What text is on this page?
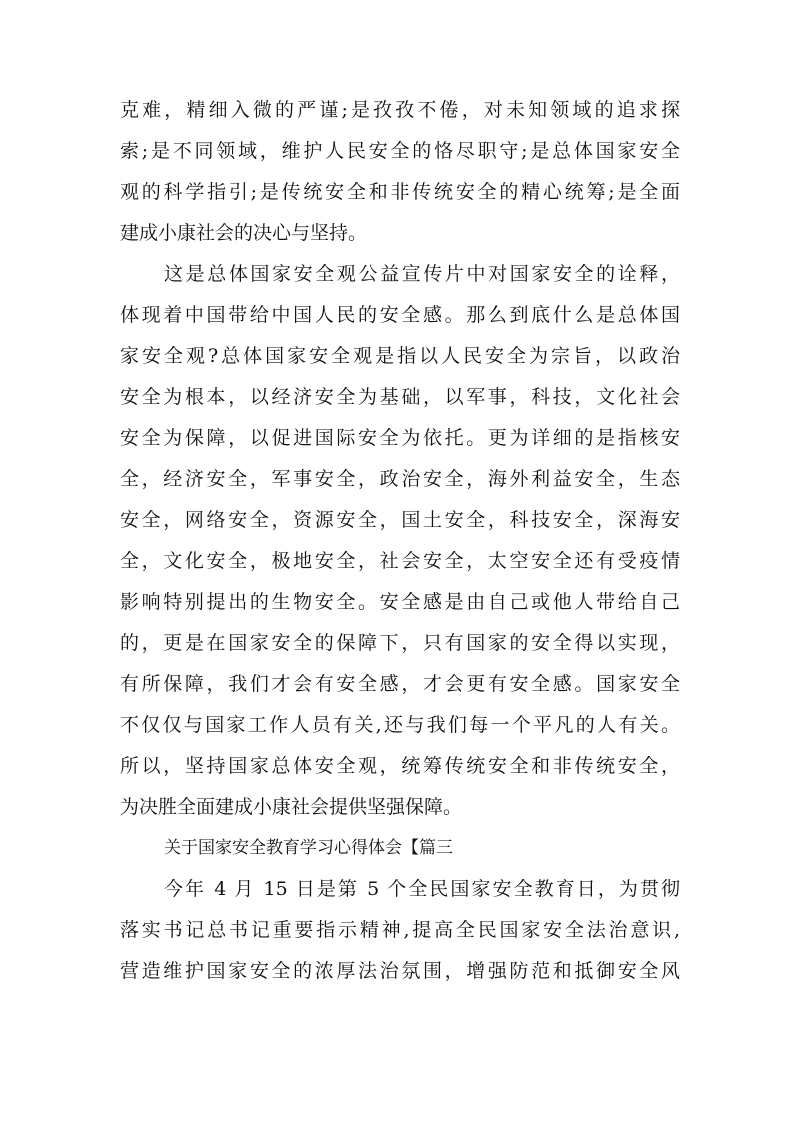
克难，精细入微的严谨;是孜孜不倦，对未知领域的追求探
索;是不同领域，维护人民安全的恪尽职守;是总体国家安全
观的科学指引;是传统安全和非传统安全的精心统筹;是全面
建成小康社会的决心与坚持。
这是总体国家安全观公益宣传片中对国家安全的诠释，
体现着中国带给中国人民的安全感。那么到底什么是总体国
家安全观?总体国家安全观是指以人民安全为宗旨，以政治
安全为根本，以经济安全为基础，以军事，科技，文化社会
安全为保障，以促进国际安全为依托。更为详细的是指核安
全，经济安全，军事安全，政治安全，海外利益安全，生态
安全，网络安全，资源安全，国土安全，科技安全，深海安
全，文化安全，极地安全，社会安全，太空安全还有受疫情
影响特别提出的生物安全。安全感是由自己或他人带给自己
的，更是在国家安全的保障下，只有国家的安全得以实现，
有所保障，我们才会有安全感，才会更有安全感。国家安全
不仅仅与国家工作人员有关,还与我们每一个平凡的人有关。
所以，坚持国家总体安全观，统筹传统安全和非传统安全，
为决胜全面建成小康社会提供坚强保障。
关于国家安全教育学习心得体会【篇三
今年 4 月 15 日是第 5 个全民国家安全教育日，为贯彻
落实书记总书记重要指示精神,提高全民国家安全法治意识,
营造维护国家安全的浓厚法治氛围，增强防范和抵御安全风
